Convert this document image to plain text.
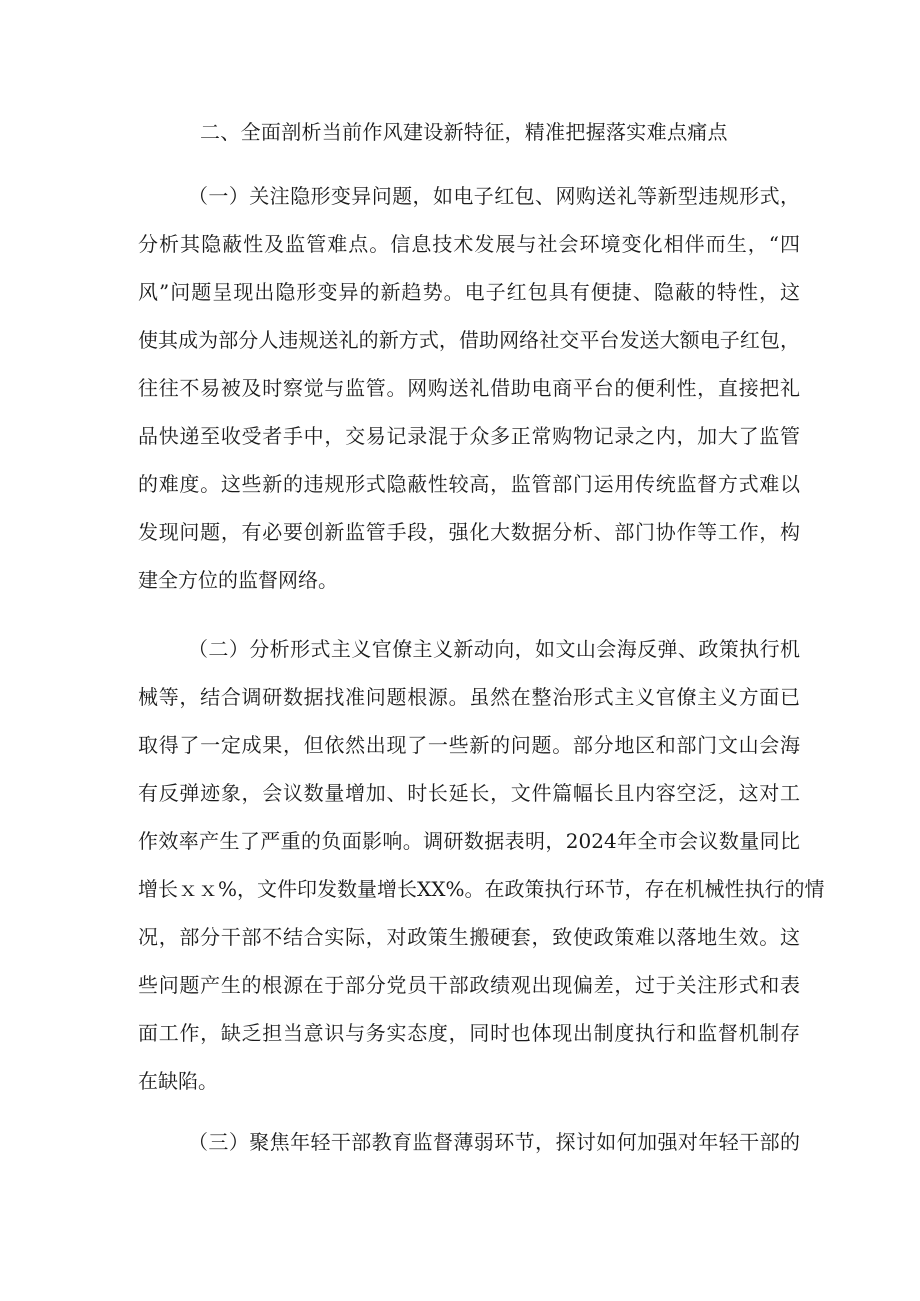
二、全面剖析当前作风建设新特征，精准把握落实难点痛点
（一）关注隐形变异问题，如电子红包、网购送礼等新型违规形式，
分析其隐蔽性及监管难点。信息技术发展与社会环境变化相伴而生，“四
风”问题呈现出隐形变异的新趋势。电子红包具有便捷、隐蔽的特性，这
使其成为部分人违规送礼的新方式，借助网络社交平台发送大额电子红包，
往往不易被及时察觉与监管。网购送礼借助电商平台的便利性，直接把礼
品快递至收受者手中，交易记录混于众多正常购物记录之内，加大了监管
的难度。这些新的违规形式隐蔽性较高，监管部门运用传统监督方式难以
发现问题，有必要创新监管手段，强化大数据分析、部门协作等工作，构
建全方位的监督网络。
（二）分析形式主义官僚主义新动向，如文山会海反弹、政策执行机
械等，结合调研数据找准问题根源。虽然在整治形式主义官僚主义方面已
取得了一定成果，但依然出现了一些新的问题。部分地区和部门文山会海
有反弹迹象，会议数量增加、时长延长，文件篇幅长且内容空泛，这对工
作效率产生了严重的负面影响。调研数据表明，2024年全市会议数量同比
增长ｘｘ%，文件印发数量增长XX%。在政策执行环节，存在机械性执行的情
况，部分干部不结合实际，对政策生搬硬套，致使政策难以落地生效。这
些问题产生的根源在于部分党员干部政绩观出现偏差，过于关注形式和表
面工作，缺乏担当意识与务实态度，同时也体现出制度执行和监督机制存
在缺陷。
（三）聚焦年轻干部教育监督薄弱环节，探讨如何加强对年轻干部的
